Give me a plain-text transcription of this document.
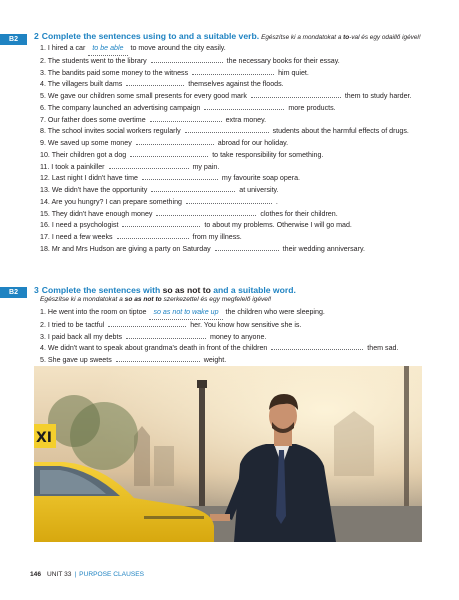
B2	2 Complete the sentences using to and a suitable verb. Egészítse ki a mondatokat a to-val és egy odaillő igével!
1. I hired a car to be able to move around the city easily.
2. The students went to the library	the necessary books for their essay.
3. The bandits paid some money to the witness	him quiet.
4. The villagers built dams	themselves against the floods.
5. We gave our children some small presents for every good mark	them to study harder.
6. The company launched an advertising campaign	more products.
7. Our father does some overtime	extra money.
8. The school invites social workers regularly	students about the harmful effects of drugs.
9. We saved up some money	abroad for our holiday.
10. Their children got a dog	to take responsibility for something.
11. I took a painkiller	my pain.
12. Last night I didn't have time	my favourite soap opera.
13. We didn't have the opportunity	at university.
14. Are you hungry? I can prepare something	.
15. They didn't have enough money	clothes for their children.
16. I need a psychologist	to about my problems. Otherwise I will go mad.
17. I need a few weeks	from my illness.
18. Mr and Mrs Hudson are giving a party on Saturday	their wedding anniversary.
B2	3 Complete the sentences with so as not to and a suitable word.
Egészítse ki a mondatokat a so as not to szerkezettel és egy megfelelő igével!
1. He went into the room on tiptoe so as not to wake up the children who were sleeping.
2. I tried to be tactful	her. You know how sensitive she is.
3. I paid back all my debts	money to anyone.
4. We didn't want to speak about grandma's death in front of the children	them sad.
5. She gave up sweets	weight.
XI
146 UNIT 33 | PURPOSE CLAUSES
